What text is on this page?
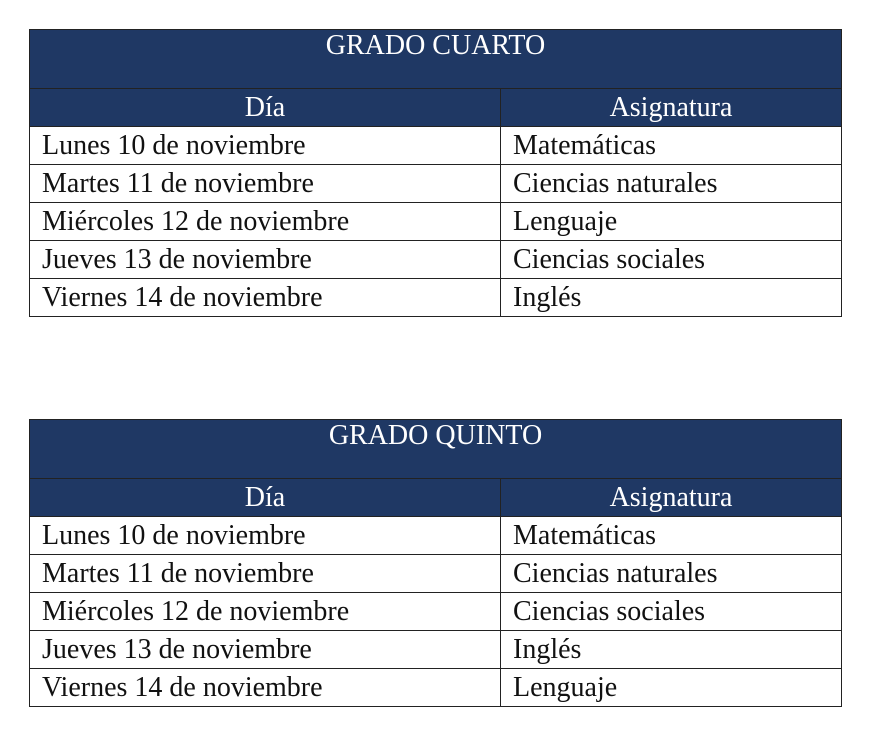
GRADO CUARTO	
Día	Asignatura
Lunes 10 de noviembre	Matemáticas
Martes 11 de noviembre	Ciencias naturales
Miércoles 12 de noviembre	Lenguaje
Jueves 13 de noviembre	Ciencias sociales
Viernes 14 de noviembre	Inglés
GRADO QUINTO	
Día	Asignatura
Lunes 10 de noviembre	Matemáticas
Martes 11 de noviembre	Ciencias naturales
Miércoles 12 de noviembre	Ciencias sociales
Jueves 13 de noviembre	Inglés
Viernes 14 de noviembre	Lenguaje
